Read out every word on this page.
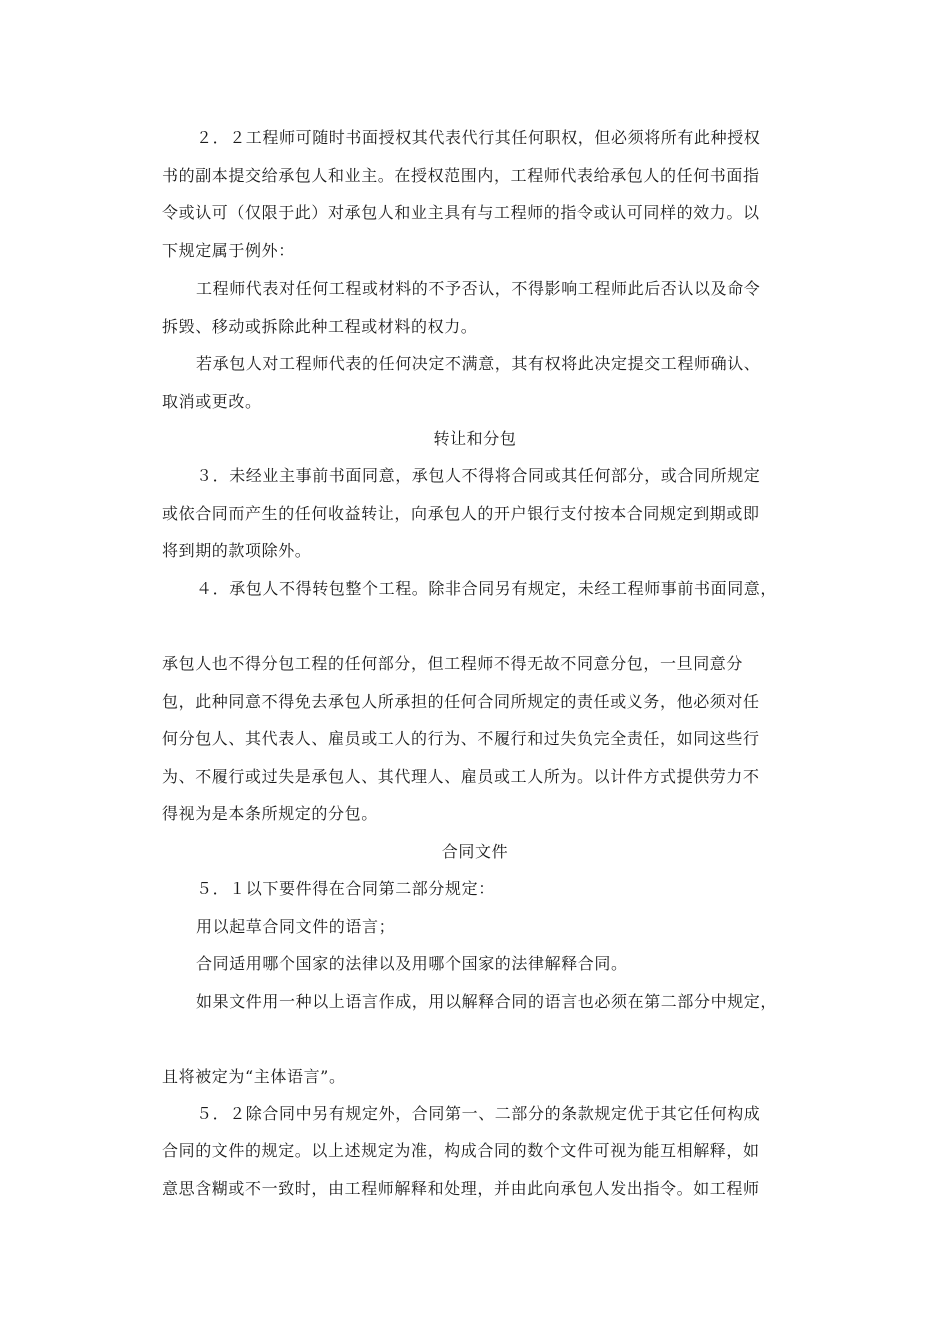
２．２工程师可随时书面授权其代表代行其任何职权，但必须将所有此种授权
书的副本提交给承包人和业主。在授权范围内，工程师代表给承包人的任何书面指
令或认可（仅限于此）对承包人和业主具有与工程师的指令或认可同样的效力。以
下规定属于例外：
工程师代表对任何工程或材料的不予否认，不得影响工程师此后否认以及命令
拆毁、移动或拆除此种工程或材料的权力。
若承包人对工程师代表的任何决定不满意，其有权将此决定提交工程师确认、
取消或更改。
转让和分包
３．未经业主事前书面同意，承包人不得将合同或其任何部分，或合同所规定
或依合同而产生的任何收益转让，向承包人的开户银行支付按本合同规定到期或即
将到期的款项除外。
４．承包人不得转包整个工程。除非合同另有规定，未经工程师事前书面同意，
承包人也不得分包工程的任何部分，但工程师不得无故不同意分包，一旦同意分
包，此种同意不得免去承包人所承担的任何合同所规定的责任或义务，他必须对任
何分包人、其代表人、雇员或工人的行为、不履行和过失负完全责任，如同这些行
为、不履行或过失是承包人、其代理人、雇员或工人所为。以计件方式提供劳力不
得视为是本条所规定的分包。
合同文件
５．１以下要件得在合同第二部分规定：
用以起草合同文件的语言；
合同适用哪个国家的法律以及用哪个国家的法律解释合同。
如果文件用一种以上语言作成，用以解释合同的语言也必须在第二部分中规定，
且将被定为“主体语言”。
５．２除合同中另有规定外，合同第一、二部分的条款规定优于其它任何构成
合同的文件的规定。以上述规定为准，构成合同的数个文件可视为能互相解释，如
意思含糊或不一致时，由工程师解释和处理，并由此向承包人发出指令。如工程师
